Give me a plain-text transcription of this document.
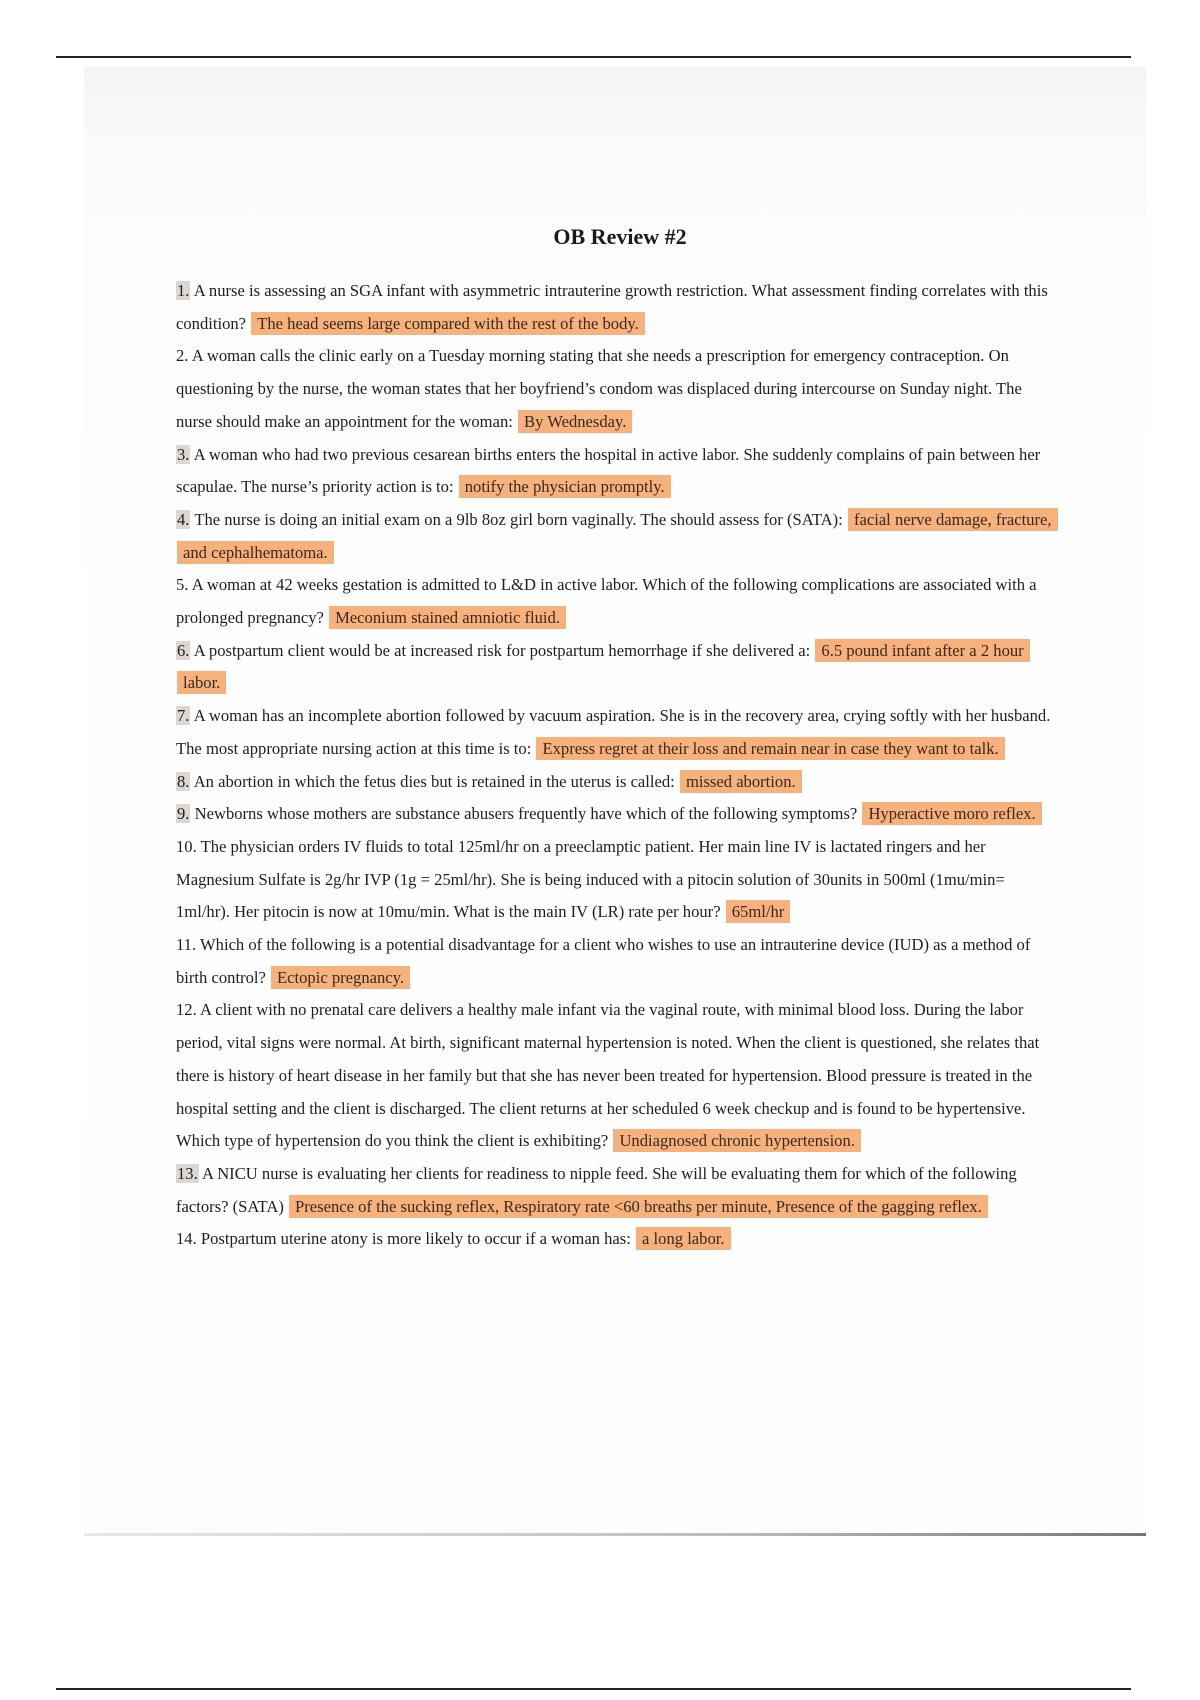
OB Review #2

1. A nurse is assessing an SGA infant with asymmetric intrauterine growth restriction. What assessment finding correlates with this condition? The head seems large compared with the rest of the body.

2. A woman calls the clinic early on a Tuesday morning stating that she needs a prescription for emergency contraception. On questioning by the nurse, the woman states that her boyfriend’s condom was displaced during intercourse on Sunday night. The nurse should make an appointment for the woman: By Wednesday.

3. A woman who had two previous cesarean births enters the hospital in active labor. She suddenly complains of pain between her scapulae. The nurse’s priority action is to: notify the physician promptly.

4. The nurse is doing an initial exam on a 9lb 8oz girl born vaginally. The should assess for (SATA): facial nerve damage, fracture, and cephalhematoma.

5. A woman at 42 weeks gestation is admitted to L&D in active labor. Which of the following complications are associated with a prolonged pregnancy? Meconium stained amniotic fluid.

6. A postpartum client would be at increased risk for postpartum hemorrhage if she delivered a: 6.5 pound infant after a 2 hour labor.

7. A woman has an incomplete abortion followed by vacuum aspiration. She is in the recovery area, crying softly with her husband. The most appropriate nursing action at this time is to: Express regret at their loss and remain near in case they want to talk.

8. An abortion in which the fetus dies but is retained in the uterus is called: missed abortion.

9. Newborns whose mothers are substance abusers frequently have which of the following symptoms? Hyperactive moro reflex.

10. The physician orders IV fluids to total 125ml/hr on a preeclamptic patient. Her main line IV is lactated ringers and her Magnesium Sulfate is 2g/hr IVP (1g = 25ml/hr). She is being induced with a pitocin solution of 30units in 500ml (1mu/min= 1ml/hr). Her pitocin is now at 10mu/min. What is the main IV (LR) rate per hour? 65ml/hr

11. Which of the following is a potential disadvantage for a client who wishes to use an intrauterine device (IUD) as a method of birth control? Ectopic pregnancy.

12. A client with no prenatal care delivers a healthy male infant via the vaginal route, with minimal blood loss. During the labor period, vital signs were normal. At birth, significant maternal hypertension is noted. When the client is questioned, she relates that there is history of heart disease in her family but that she has never been treated for hypertension. Blood pressure is treated in the hospital setting and the client is discharged. The client returns at her scheduled 6 week checkup and is found to be hypertensive. Which type of hypertension do you think the client is exhibiting? Undiagnosed chronic hypertension.

13. A NICU nurse is evaluating her clients for readiness to nipple feed. She will be evaluating them for which of the following factors? (SATA) Presence of the sucking reflex, Respiratory rate <60 breaths per minute, Presence of the gagging reflex.

14. Postpartum uterine atony is more likely to occur if a woman has: a long labor.
